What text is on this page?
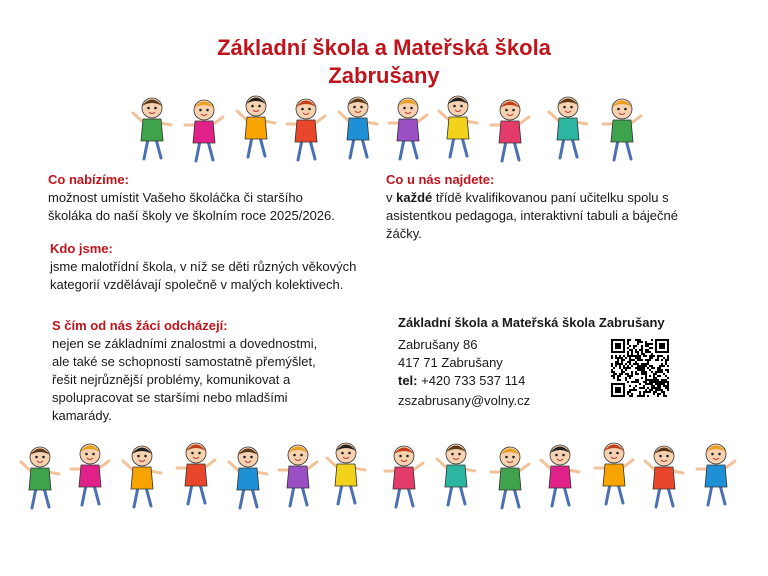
Základní škola a Mateřská škola
Zabrušany
Co nabízíme:
možnost umístit Vašeho školáčka či staršího
školáka do naší školy ve školním roce 2025/2026.
Co u nás najdete:
v každé třídě kvalifikovanou paní učitelku spolu s
asistentkou pedagoga, interaktivní tabuli a báječné
žáčky.
Kdo jsme:
jsme malotřídní škola, v níž se děti různých věkových
kategorií vzdělávají společně v malých kolektivech.
S čím od nás žáci odcházejí:
nejen se základními znalostmi a dovednostmi,
ale také se schopností samostatně přemýšlet,
řešit nejrůznější problémy, komunikovat a
spolupracovat se staršími nebo mladšími
kamarády.
Základní škola a Mateřská škola Zabrušany
Zabrušany 86
417 71 Zabrušany
tel: +420 733 537 114
zszabrusany@volny.cz
